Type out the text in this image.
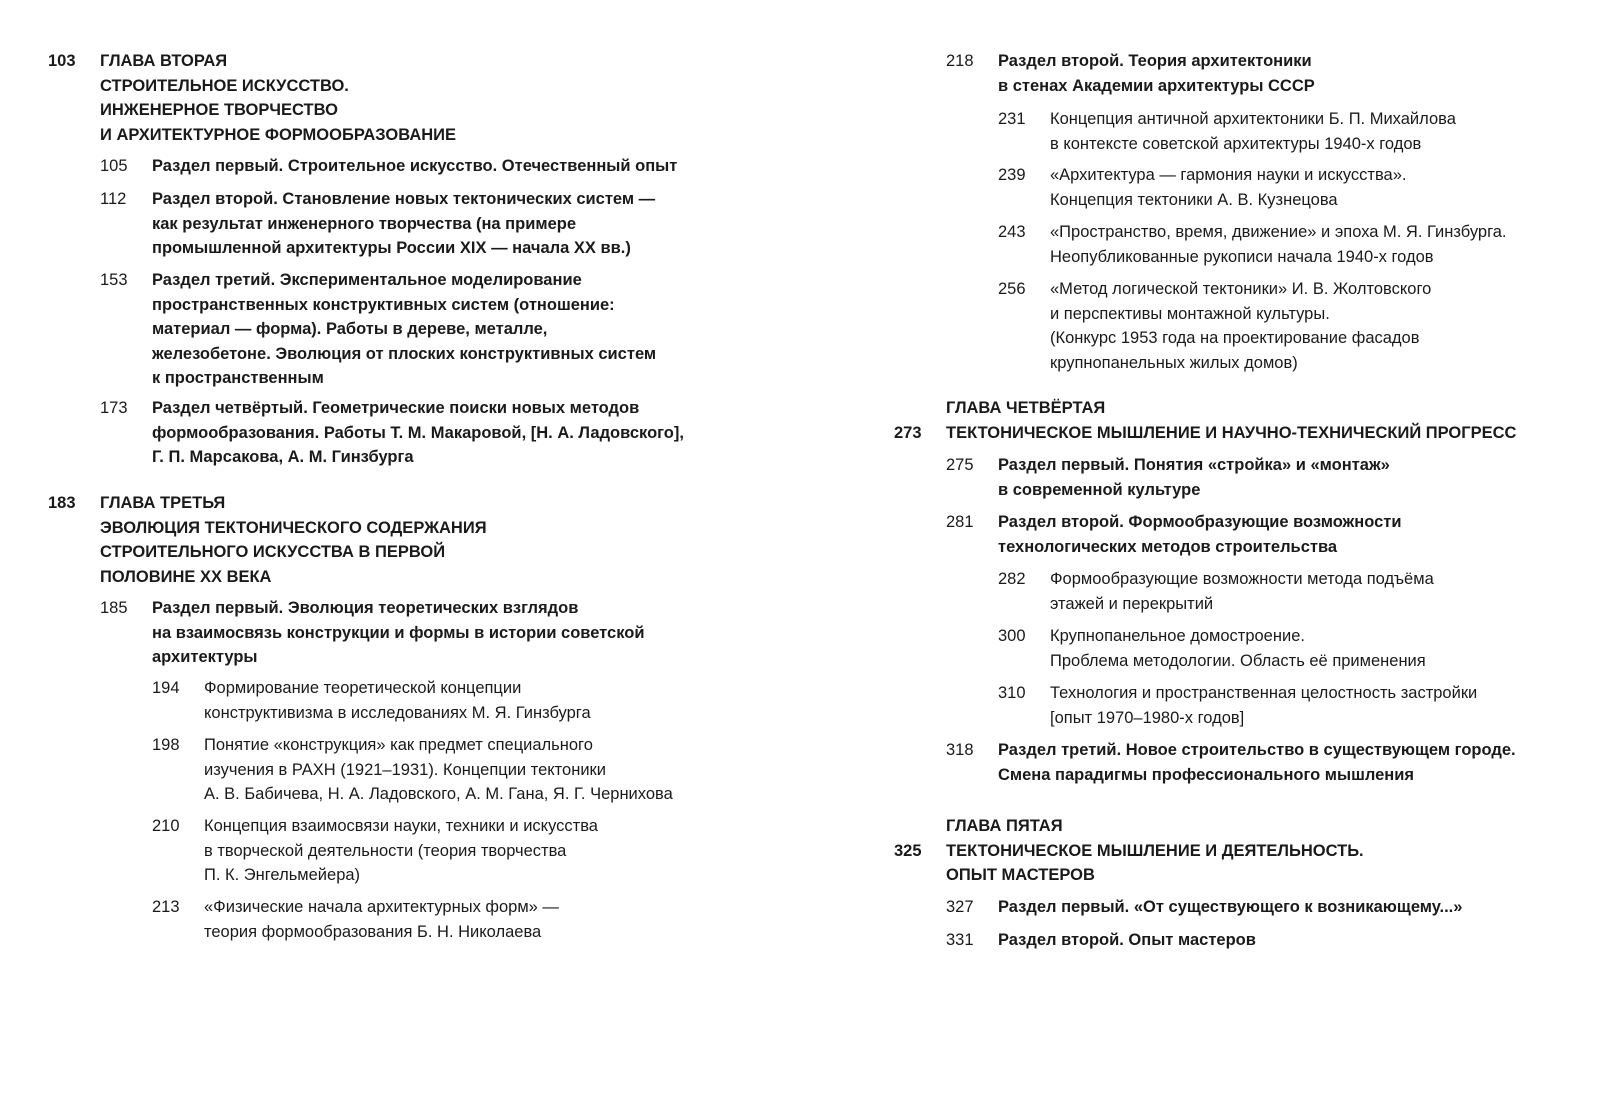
103 ГЛАВА ВТОРАЯ
СТРОИТЕЛЬНОЕ ИСКУССТВО.
ИНЖЕНЕРНОЕ ТВОРЧЕСТВО
И АРХИТЕКТУРНОЕ ФОРМООБРАЗОВАНИЕ
105 Раздел первый. Строительное искусство. Отечественный опыт
112 Раздел второй. Становление новых тектонических систем —
как результат инженерного творчества (на примере
промышленной архитектуры России XIX — начала XX вв.)
153 Раздел третий. Экспериментальное моделирование
пространственных конструктивных систем (отношение:
материал — форма). Работы в дереве, металле,
железобетоне. Эволюция от плоских конструктивных систем
к пространственным
173 Раздел четвёртый. Геометрические поиски новых методов
формообразования. Работы Т. М. Макаровой, [Н. А. Ладовского],
Г. П. Марсакова, А. М. Гинзбурга
183 ГЛАВА ТРЕТЬЯ
ЭВОЛЮЦИЯ ТЕКТОНИЧЕСКОГО СОДЕРЖАНИЯ
СТРОИТЕЛЬНОГО ИСКУССТВА В ПЕРВОЙ
ПОЛОВИНЕ XX ВЕКА
185 Раздел первый. Эволюция теоретических взглядов
на взаимосвязь конструкции и формы в истории советской
архитектуры
194 Формирование теоретической концепции
конструктивизма в исследованиях М. Я. Гинзбурга
198 Понятие «конструкция» как предмет специального
изучения в РАХН (1921–1931). Концепции тектоники
А. В. Бабичева, Н. А. Ладовского, А. М. Гана, Я. Г. Чернихова
210 Концепция взаимосвязи науки, техники и искусства
в творческой деятельности (теория творчества
П. К. Энгельмейера)
213 «Физические начала архитектурных форм» —
теория формообразования Б. Н. Николаева
218 Раздел второй. Теория архитектоники
в стенах Академии архитектуры СССР
231 Концепция античной архитектоники Б. П. Михайлова
в контексте советской архитектуры 1940-х годов
239 «Архитектура — гармония науки и искусства».
Концепция тектоники А. В. Кузнецова
243 «Пространство, время, движение» и эпоха М. Я. Гинзбурга.
Неопубликованные рукописи начала 1940-х годов
256 «Метод логической тектоники» И. В. Жолтовского
и перспективы монтажной культуры.
(Конкурс 1953 года на проектирование фасадов
крупнопанельных жилых домов)
ГЛАВА ЧЕТВЁРТАЯ
273 ТЕКТОНИЧЕСКОЕ МЫШЛЕНИЕ И НАУЧНО-ТЕХНИЧЕСКИЙ ПРОГРЕСС
275 Раздел первый. Понятия «стройка» и «монтаж»
в современной культуре
281 Раздел второй. Формообразующие возможности
технологических методов строительства
282 Формообразующие возможности метода подъёма
этажей и перекрытий
300 Крупнопанельное домостроение.
Проблема методологии. Область её применения
310 Технология и пространственная целостность застройки
[опыт 1970–1980-х годов]
318 Раздел третий. Новое строительство в существующем городе.
Смена парадигмы профессионального мышления
ГЛАВА ПЯТАЯ
325 ТЕКТОНИЧЕСКОЕ МЫШЛЕНИЕ И ДЕЯТЕЛЬНОСТЬ.
ОПЫТ МАСТЕРОВ
327 Раздел первый. «От существующего к возникающему...»
331 Раздел второй. Опыт мастеров
